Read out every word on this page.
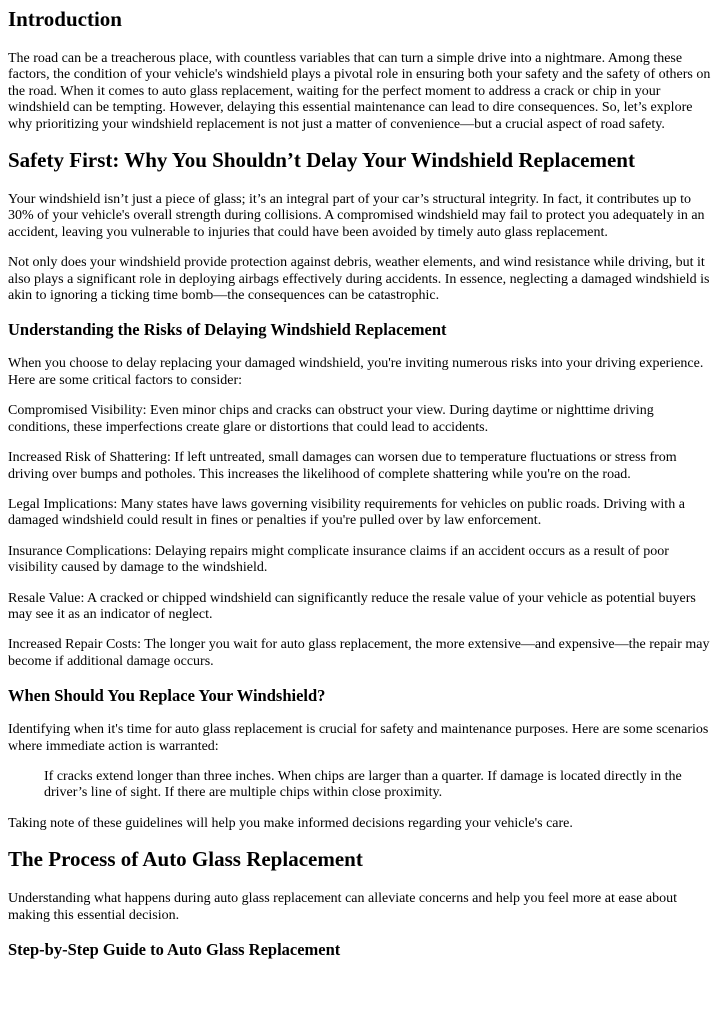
Introduction

The road can be a treacherous place, with countless variables that can turn a simple drive into a nightmare. Among these factors, the condition of your vehicle's windshield plays a pivotal role in ensuring both your safety and the safety of others on the road. When it comes to auto glass replacement, waiting for the perfect moment to address a crack or chip in your windshield can be tempting. However, delaying this essential maintenance can lead to dire consequences. So, let’s explore why prioritizing your windshield replacement is not just a matter of convenience—but a crucial aspect of road safety.

Safety First: Why You Shouldn’t Delay Your Windshield Replacement

Your windshield isn’t just a piece of glass; it’s an integral part of your car’s structural integrity. In fact, it contributes up to 30% of your vehicle's overall strength during collisions. A compromised windshield may fail to protect you adequately in an accident, leaving you vulnerable to injuries that could have been avoided by timely auto glass replacement.

Not only does your windshield provide protection against debris, weather elements, and wind resistance while driving, but it also plays a significant role in deploying airbags effectively during accidents. In essence, neglecting a damaged windshield is akin to ignoring a ticking time bomb—the consequences can be catastrophic.

Understanding the Risks of Delaying Windshield Replacement

When you choose to delay replacing your damaged windshield, you're inviting numerous risks into your driving experience. Here are some critical factors to consider:

Compromised Visibility: Even minor chips and cracks can obstruct your view. During daytime or nighttime driving conditions, these imperfections create glare or distortions that could lead to accidents.

Increased Risk of Shattering: If left untreated, small damages can worsen due to temperature fluctuations or stress from driving over bumps and potholes. This increases the likelihood of complete shattering while you're on the road.

Legal Implications: Many states have laws governing visibility requirements for vehicles on public roads. Driving with a damaged windshield could result in fines or penalties if you're pulled over by law enforcement.

Insurance Complications: Delaying repairs might complicate insurance claims if an accident occurs as a result of poor visibility caused by damage to the windshield.

Resale Value: A cracked or chipped windshield can significantly reduce the resale value of your vehicle as potential buyers may see it as an indicator of neglect.

Increased Repair Costs: The longer you wait for auto glass replacement, the more extensive—and expensive—the repair may become if additional damage occurs.

When Should You Replace Your Windshield?

Identifying when it's time for auto glass replacement is crucial for safety and maintenance purposes. Here are some scenarios where immediate action is warranted:

If cracks extend longer than three inches. When chips are larger than a quarter. If damage is located directly in the driver’s line of sight. If there are multiple chips within close proximity.

Taking note of these guidelines will help you make informed decisions regarding your vehicle's care.

The Process of Auto Glass Replacement

Understanding what happens during auto glass replacement can alleviate concerns and help you feel more at ease about making this essential decision.

Step-by-Step Guide to Auto Glass Replacement
